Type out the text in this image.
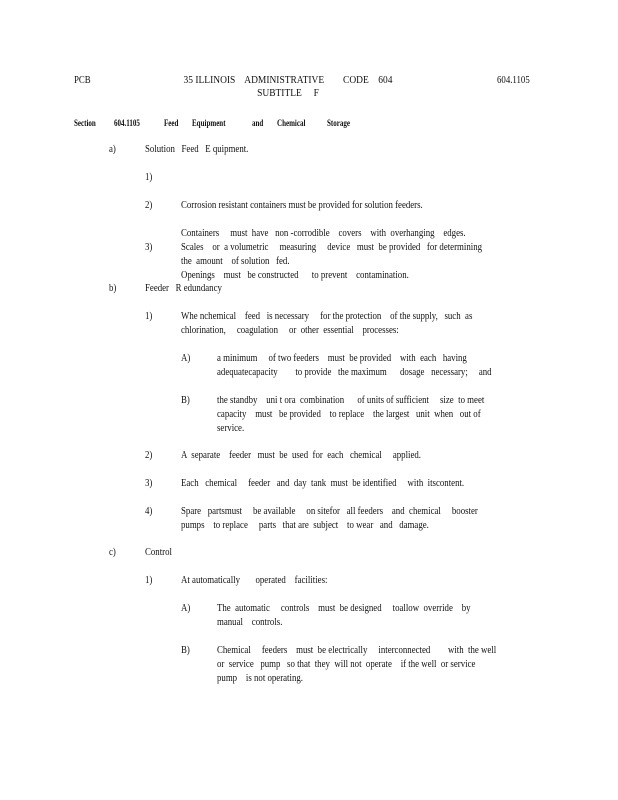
PCB	35 ILLINOIS    ADMINISTRATIVE        CODE    604
SUBTITLE     F
604.1105
Section 604.1105	Feed Equipment	and Chemical Storage
a)	Solution   Feed   E quipment.
1)

Corrosion resistant containers must be provided for solution feeders.

2)

Containers     must  have   non -corrodible    covers    with  overhanging    edges.

Openings    must   be constructed      to prevent    contamination.

3)	Scales    or  a volumetric     measuring     device   must  be provided   for determining
the  amount    of solution   fed.
b)	Feeder   R edundancy
1)	Whe nchemical    feed   is necessary     for the protection    of the supply,   such  as
chlorination,     coagulation     or  other  essential    processes:
A)	a minimum     of two feeders    must  be provided    with  each   having
adequatecapacity        to provide   the maximum      dosage   necessary;     and
B)	the standby    uni t ora  combination      of units of sufficient     size  to meet
capacity    must   be provided    to replace    the largest   unit  when   out of
service.
2)	A  separate    feeder   must  be  used  for  each   chemical     applied.
3)	Each   chemical     feeder   and  day  tank  must  be identified     with  itscontent.
4)	Spare   partsmust     be available     on sitefor   all feeders    and  chemical     booster
pumps    to replace     parts   that are  subject    to wear   and   damage.
c)	Control
1)	At automatically       operated    facilities:
A)	The  automatic     controls    must  be designed     toallow  override    by
manual    controls.
B)	Chemical     feeders    must  be electrically     interconnected        with  the well
or  service   pump   so that  they  will not  operate    if the well  or service
pump    is not operating.
